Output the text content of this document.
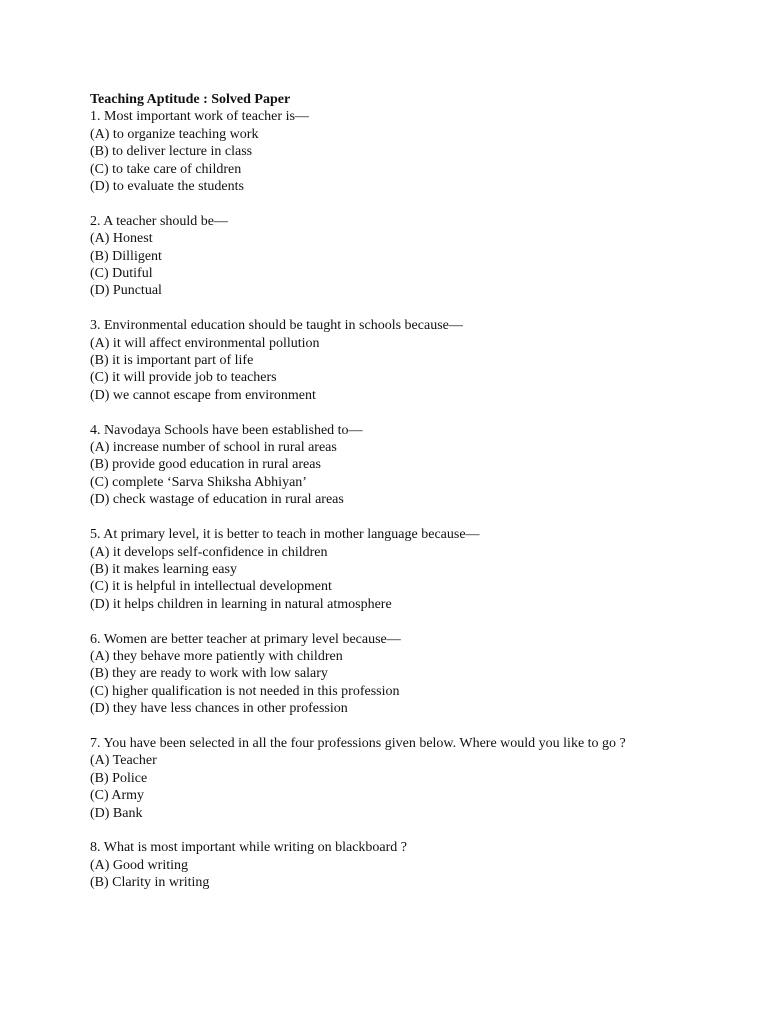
Teaching Aptitude : Solved Paper
1. Most important work of teacher is—
(A) to organize teaching work
(B) to deliver lecture in class
(C) to take care of children
(D) to evaluate the students
2. A teacher should be—
(A) Honest
(B) Dilligent
(C) Dutiful
(D) Punctual
3. Environmental education should be taught in schools because—
(A) it will affect environmental pollution
(B) it is important part of life
(C) it will provide job to teachers
(D) we cannot escape from environment
4. Navodaya Schools have been established to—
(A) increase number of school in rural areas
(B) provide good education in rural areas
(C) complete ‘Sarva Shiksha Abhiyan’
(D) check wastage of education in rural areas
5. At primary level, it is better to teach in mother language because—
(A) it develops self-confidence in children
(B) it makes learning easy
(C) it is helpful in intellectual development
(D) it helps children in learning in natural atmosphere
6. Women are better teacher at primary level because—
(A) they behave more patiently with children
(B) they are ready to work with low salary
(C) higher qualification is not needed in this profession
(D) they have less chances in other profession
7. You have been selected in all the four professions given below. Where would you like to go ?
(A) Teacher
(B) Police
(C) Army
(D) Bank
8. What is most important while writing on blackboard ?
(A) Good writing
(B) Clarity in writing
